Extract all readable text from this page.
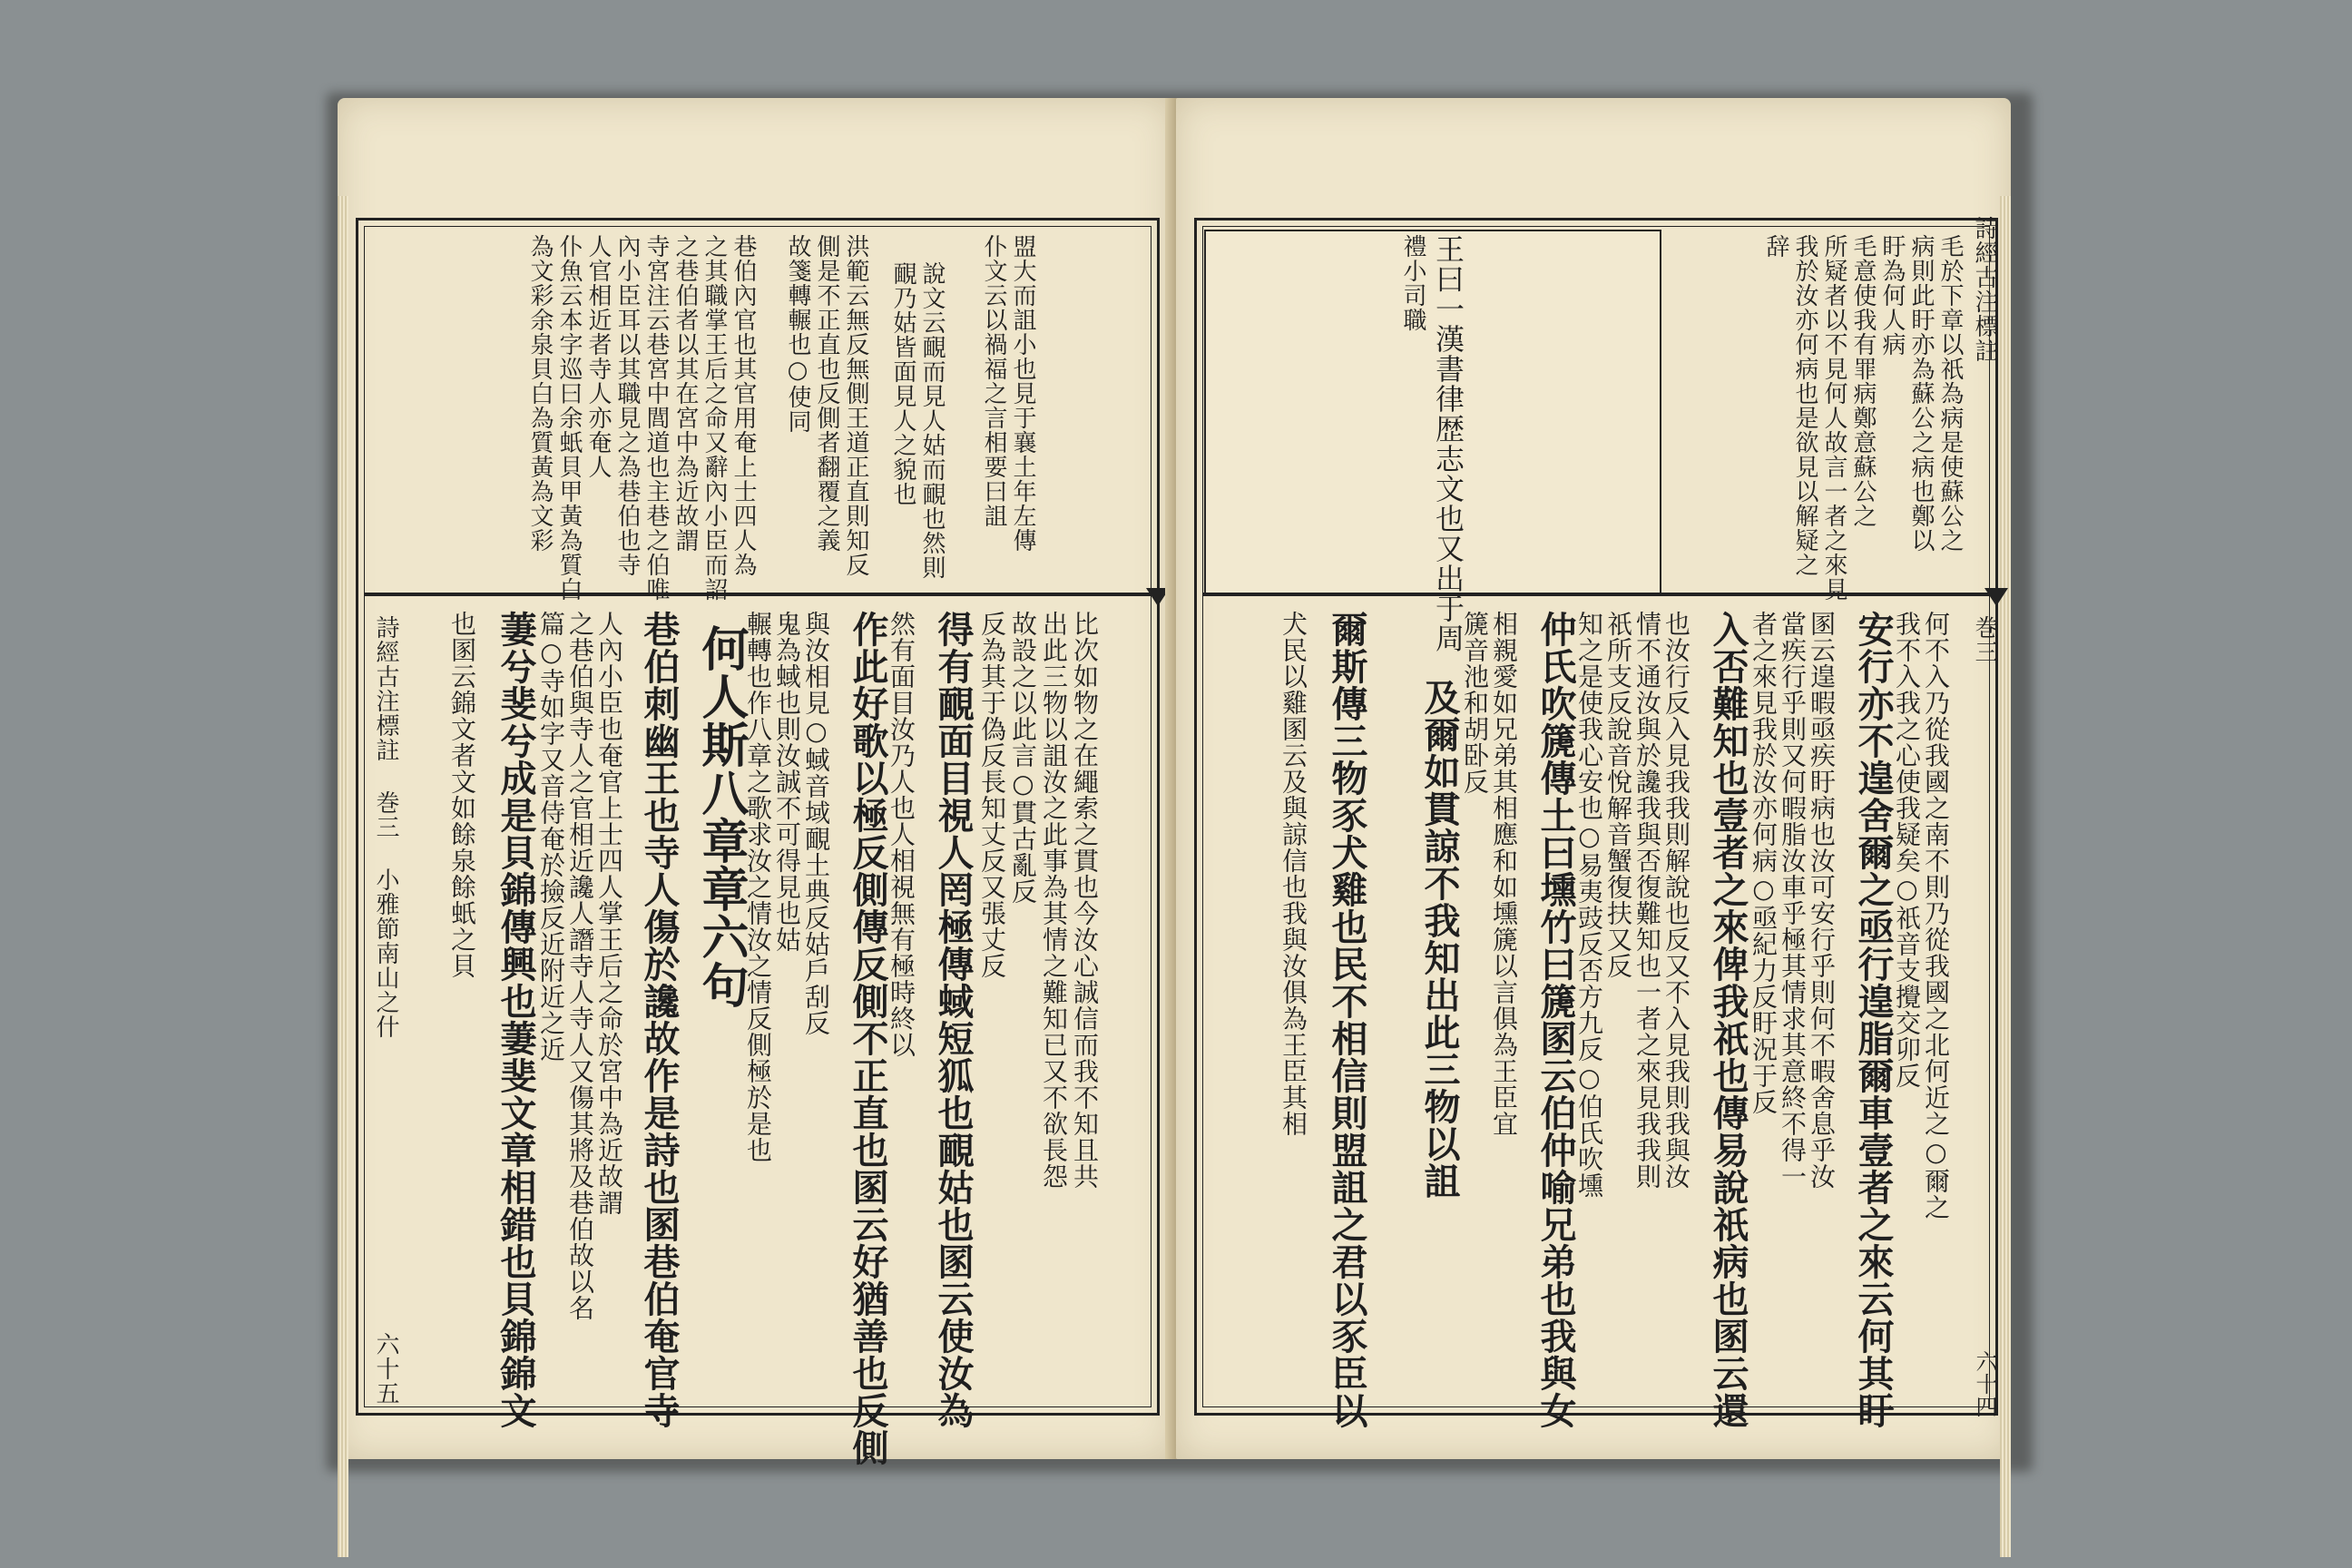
盟大而詛小也見于襄土年左傳
仆文云以禍福之言相要曰詛
說文云靦而見人姑而靦也然則
靦乃姑皆面見人之貌也
洪範云無反無側王道正直則知反
側是不正直也反側者翻覆之義
故箋轉輾也○使同
巷伯內官也其官用奄上士四人為
之其職掌王后之命又辭內小臣而詔
之巷伯者以其在宮中為近故謂
寺宮注云巷宮中閭道也主巷之伯唯
內小臣耳以其職見之為巷伯也寺
人官相近者寺人亦奄人
仆魚云本字巡曰余蚔貝甲黃為質白
為文彩余泉貝白為質黃為文彩
比次如物之在繩索之貫也今汝心誠信而我不知且共
出此三物以詛汝之此事為其情之難知已又不欲長怨
故設之以此言○貫古亂反
反為其于偽反長知丈反又張丈反
得有靦面目視人罔極傳蜮短狐也靦姑也圂云使汝為
然有面目汝乃人也人相視無有極時終以
作此好歌以極反側傳反側不正直也圂云好猶善也反側
與汝相見○蜮音域靦土典反姑戶刮反
鬼為蜮也則汝誠不可得見也姑
輾轉也作八章之歌求汝之情汝之情反側極於是也
何人斯八章章六句
巷伯刺幽王也寺人傷於讒故作是詩也圂巷伯奄官寺
人內小臣也奄官上士四人掌王后之命於宮中為近故謂
之巷伯與寺人之官相近讒人譖寺人寺人又傷其將及巷伯故以名
篇○寺如字又音侍奄於撿反近附近之近
萋兮斐兮成是貝錦傳興也萋斐文章相錯也貝錦錦文
也圂云錦文者文如餘泉餘蚔之貝
詩經古注標註 巻三 小雅節南山之什
六十五
詩經古注標註
毛於下章以祇為病是使蘇公之
病則此盱亦為蘇公之病也鄭以
盱為何人病
毛意使我有罪病鄭意蘇公之
所疑者以不見何人故言一者之來見
我於汝亦何病也是欲見以解疑之
辞
王曰一漢書律歴志文也又出于周
禮小司職
何不入乃從我國之南不則乃從我國之北何近之○爾之
我不入我之心使我疑矣○祇音支攪交卯反
安行亦不遑舍爾之亟行遑脂爾車壹者之來云何其盱
圂云遑暇亟疾盱病也汝可安行乎則何不暇舍息乎汝
當疾行乎則又何暇脂汝車乎極其情求其意終不得一
者之來見我於汝亦何病○亟紀力反盱況于反
入否難知也壹者之來俾我祇也傳易說祇病也圂云還
也汝行反入見我我則解說也反又不入見我則我與汝
情不通汝與於讒我與否復難知也一者之來見我我則
祇所支反說音悅解音蟹復扶又反
知之是使我心安也○易夷豉反否方九反○伯氏吹壎
仲氏吹篪傳土曰壎竹曰篪圂云伯仲喻兄弟也我與女
相親愛如兄弟其相應和如壎篪以言俱為王臣宜
篪音池和胡卧反
及爾如貫諒不我知出此三物以詛
爾斯傳三物豕犬雞也民不相信則盟詛之君以豕臣以
犬民以雞圂云及與諒信也我與汝俱為王臣其相	巻三
六十四
